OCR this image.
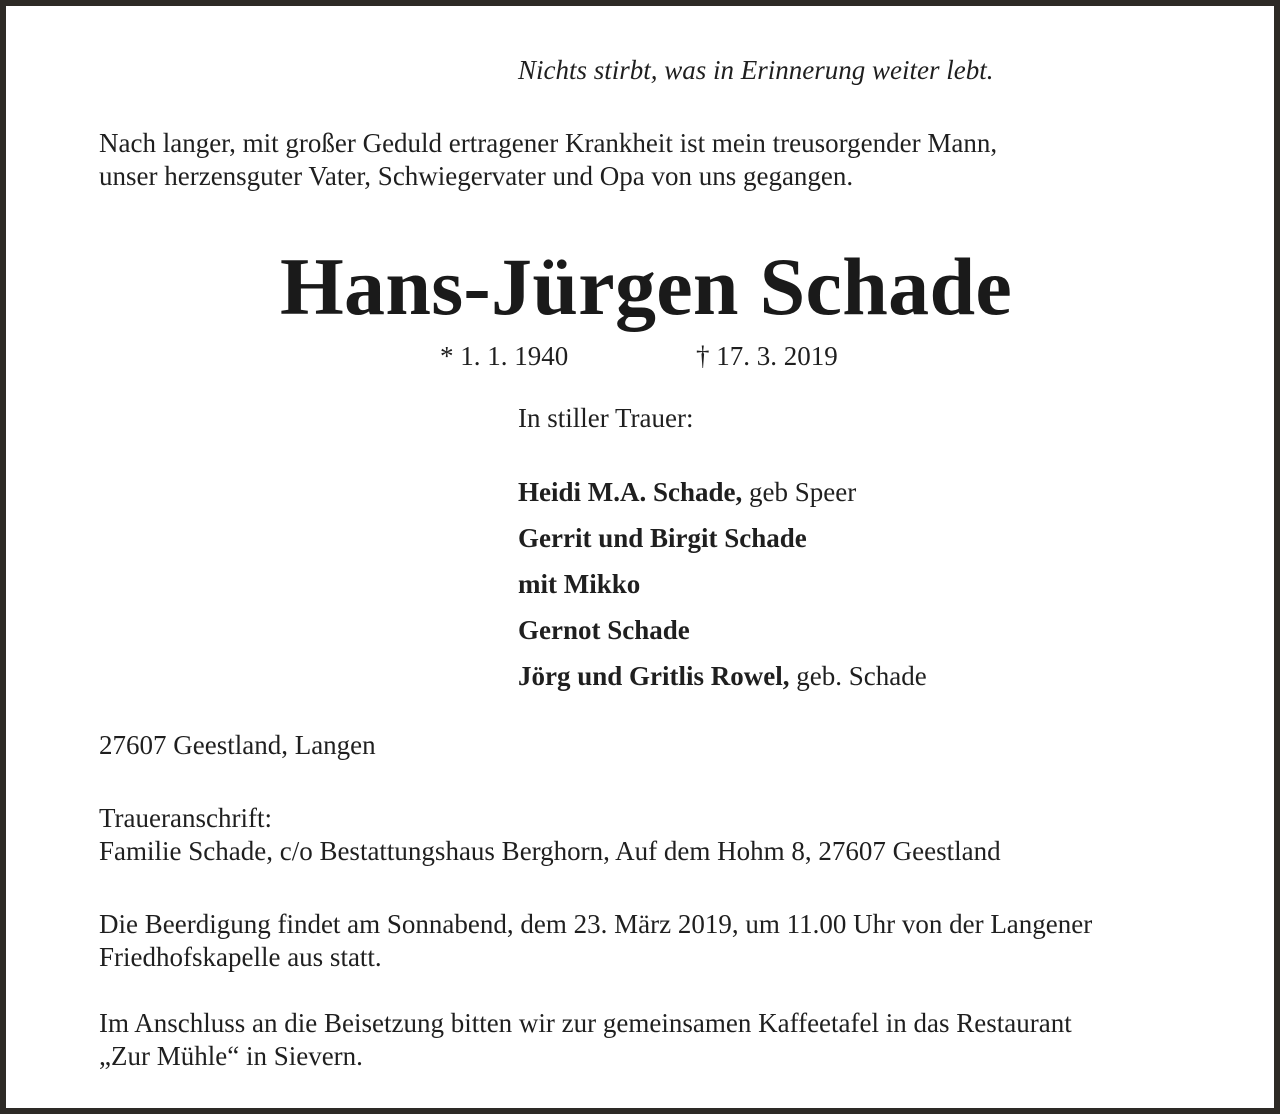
Nichts stirbt, was in Erinnerung weiter lebt.
Nach langer, mit großer Geduld ertragener Krankheit ist mein treusorgender Mann,
unser herzensguter Vater, Schwiegervater und Opa von uns gegangen.
Hans-Jürgen Schade
* 1. 1. 1940	† 17. 3. 2019
In stiller Trauer:
Heidi M.A. Schade, geb Speer
Gerrit und Birgit Schade
mit Mikko
Gernot Schade
Jörg und Gritlis Rowel, geb. Schade
27607 Geestland, Langen
Traueranschrift:
Familie Schade, c/o Bestattungshaus Berghorn, Auf dem Hohm 8, 27607 Geestland
Die Beerdigung findet am Sonnabend, dem 23. März 2019, um 11.00 Uhr von der Langener
Friedhofskapelle aus statt.
Im Anschluss an die Beisetzung bitten wir zur gemeinsamen Kaffeetafel in das Restaurant
„Zur Mühle“ in Sievern.
